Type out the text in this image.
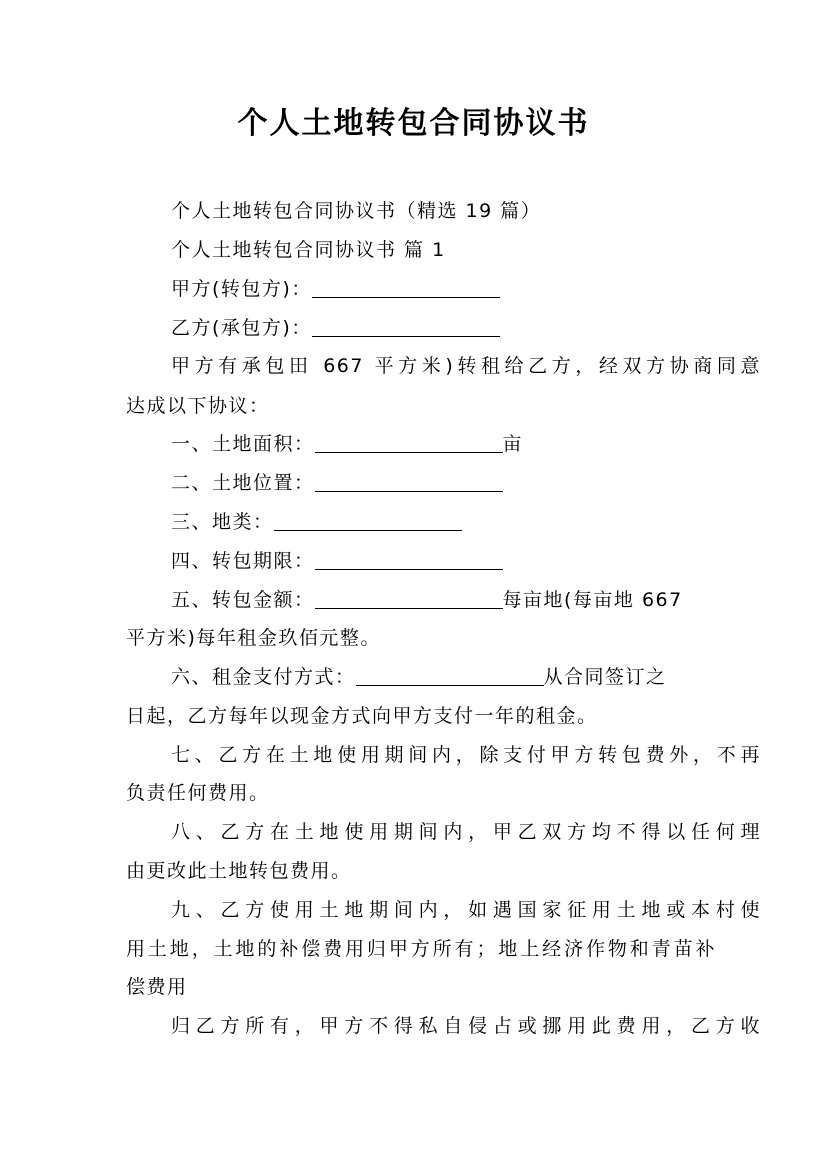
个人土地转包合同协议书
个人土地转包合同协议书（精选 19 篇）
个人土地转包合同协议书 篇 1
甲方(转包方)：
乙方(承包方)：
甲方有承包田 667 平方米)转租给乙方，经双方协商同意
达成以下协议：
一、土地面积：	亩
二、土地位置：
三、地类：
四、转包期限：
五、转包金额：	每亩地(每亩地 667
平方米)每年租金玖佰元整。
六、租金支付方式：	从合同签订之
日起，乙方每年以现金方式向甲方支付一年的租金。
七、乙方在土地使用期间内，除支付甲方转包费外，不再
负责任何费用。
八、乙方在土地使用期间内，甲乙双方均不得以任何理
由更改此土地转包费用。
九、乙方使用土地期间内，如遇国家征用土地或本村使
用土地，土地的补偿费用归甲方所有；地上经济作物和青苗补
偿费用
归乙方所有，甲方不得私自侵占或挪用此费用，乙方收
